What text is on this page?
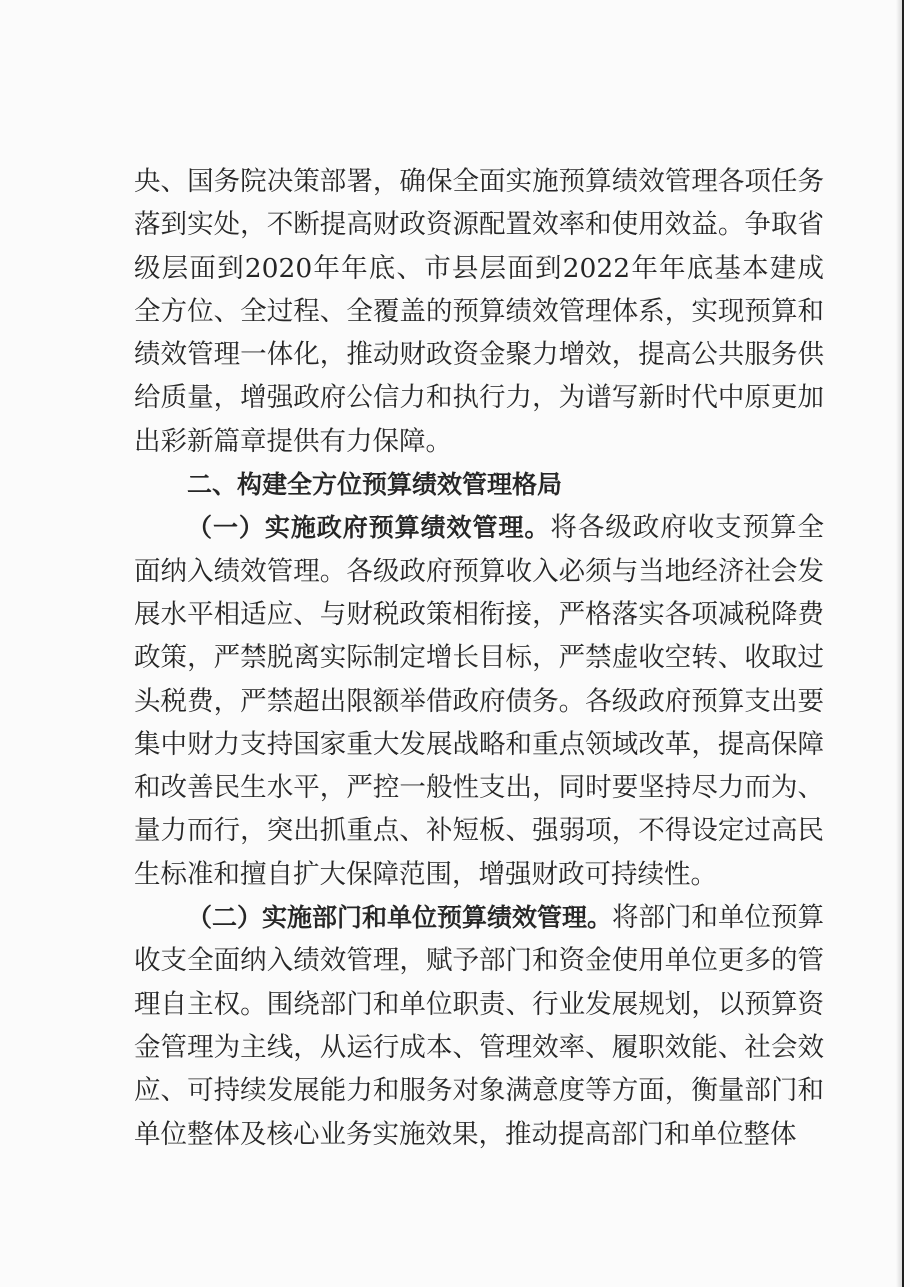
央、国务院决策部署，确保全面实施预算绩效管理各项任务落到实处，不断提高财政资源配置效率和使用效益。争取省级层面到2020年年底、市县层面到2022年年底基本建成全方位、全过程、全覆盖的预算绩效管理体系，实现预算和绩效管理一体化，推动财政资金聚力增效，提高公共服务供给质量，增强政府公信力和执行力，为谱写新时代中原更加出彩新篇章提供有力保障。

二、构建全方位预算绩效管理格局

（一）实施政府预算绩效管理。将各级政府收支预算全面纳入绩效管理。各级政府预算收入必须与当地经济社会发展水平相适应、与财税政策相衔接，严格落实各项减税降费政策，严禁脱离实际制定增长目标，严禁虚收空转、收取过头税费，严禁超出限额举借政府债务。各级政府预算支出要集中财力支持国家重大发展战略和重点领域改革，提高保障和改善民生水平，严控一般性支出，同时要坚持尽力而为、量力而行，突出抓重点、补短板、强弱项，不得设定过高民生标准和擅自扩大保障范围，增强财政可持续性。

（二）实施部门和单位预算绩效管理。将部门和单位预算收支全面纳入绩效管理，赋予部门和资金使用单位更多的管理自主权。围绕部门和单位职责、行业发展规划，以预算资金管理为主线，从运行成本、管理效率、履职效能、社会效应、可持续发展能力和服务对象满意度等方面，衡量部门和单位整体及核心业务实施效果，推动提高部门和单位整体
